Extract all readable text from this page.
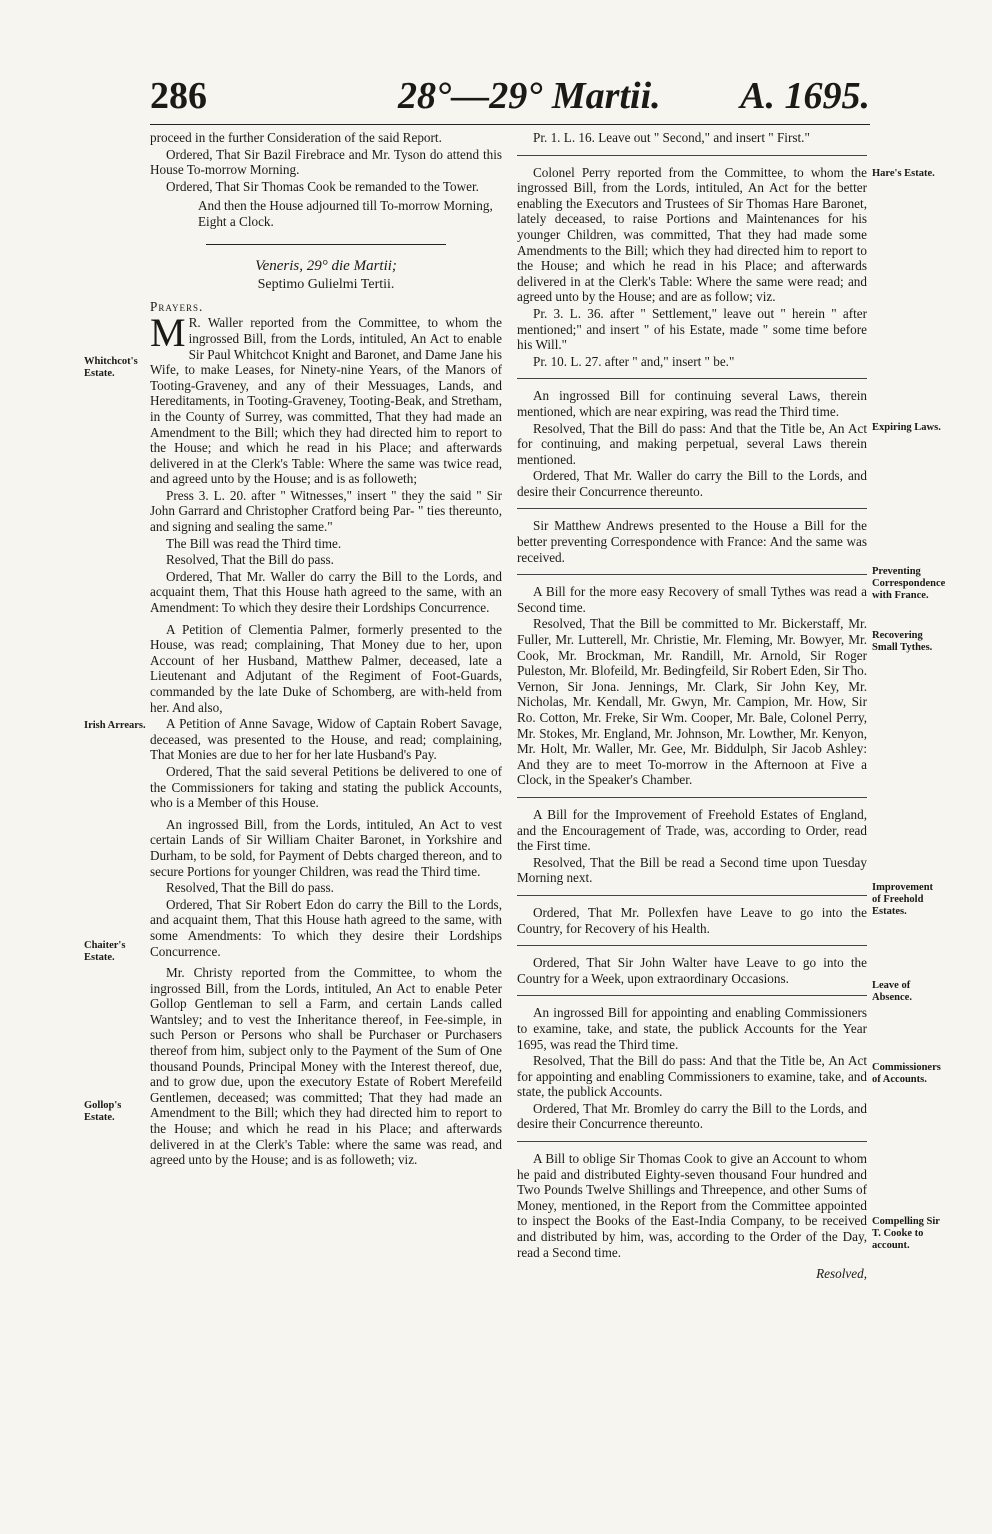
286	28°—29° Martii. A. 1695.

proceed in the further Consideration of the said Report.

Ordered, That Sir Bazil Firebrace and Mr. Tyson do attend this House To-morrow Morning.

Ordered, That Sir Thomas Cook be remanded to the Tower.

And then the House adjourned till To-morrow Morning, Eight a Clock.

Veneris, 29° die Martii;

Septimo Gulielmi Tertii.

Prayers.

M R. Waller reported from the Committee, to whom the ingrossed Bill, from the Lords, intituled, An Act to enable Sir Paul Whitchcot Knight and Baronet, and Dame Jane his Wife, to make Leases, for Ninety-nine Years, of the Manors of Tooting-Graveney, and any of their Messuages, Lands, and Hereditaments, in Tooting-Graveney, Tooting-Beak, and Stretham, in the County of Surrey, was committed, That they had made an Amendment to the Bill; which they had directed him to report to the House; and which he read in his Place; and afterwards delivered in at the Clerk's Table: Where the same was twice read, and agreed unto by the House; and is as followeth;

Press 3. L. 20. after " Witnesses," insert " they the said " Sir John Garrard and Christopher Cratford being Par- " ties thereunto, and signing and sealing the same."

The Bill was read the Third time.

Resolved, That the Bill do pass.

Ordered, That Mr. Waller do carry the Bill to the Lords, and acquaint them, That this House hath agreed to the same, with an Amendment: To which they desire their Lordships Concurrence.

A Petition of Clementia Palmer, formerly presented to the House, was read; complaining, That Money due to her, upon Account of her Husband, Matthew Palmer, deceased, late a Lieutenant and Adjutant of the Regiment of Foot-Guards, commanded by the late Duke of Schomberg, are with-held from her. And also,

A Petition of Anne Savage, Widow of Captain Robert Savage, deceased, was presented to the House, and read; complaining, That Monies are due to her for her late Husband's Pay.

Ordered, That the said several Petitions be delivered to one of the Commissioners for taking and stating the publick Accounts, who is a Member of this House.

An ingrossed Bill, from the Lords, intituled, An Act to vest certain Lands of Sir William Chaiter Baronet, in Yorkshire and Durham, to be sold, for Payment of Debts charged thereon, and to secure Portions for younger Children, was read the Third time.

Resolved, That the Bill do pass.

Ordered, That Sir Robert Edon do carry the Bill to the Lords, and acquaint them, That this House hath agreed to the same, with some Amendments: To which they desire their Lordships Concurrence.

Mr. Christy reported from the Committee, to whom the ingrossed Bill, from the Lords, intituled, An Act to enable Peter Gollop Gentleman to sell a Farm, and certain Lands called Wantsley; and to vest the Inheritance thereof, in Fee-simple, in such Person or Persons who shall be Purchaser or Purchasers thereof from him, subject only to the Payment of the Sum of One thousand Pounds, Principal Money with the Interest thereof, due, and to grow due, upon the executory Estate of Robert Merefeild Gentlemen, deceased; was committed; That they had made an Amendment to the Bill; which they had directed him to report to the House; and which he read in his Place; and afterwards delivered in at the Clerk's Table: where the same was read, and agreed unto by the House; and is as followeth; viz.

Pr. 1. L. 16. Leave out " Second," and insert " First."

Colonel Perry reported from the Committee, to whom the ingrossed Bill, from the Lords, intituled, An Act for the better enabling the Executors and Trustees of Sir Thomas Hare Baronet, lately deceased, to raise Portions and Maintenances for his younger Children, was committed, That they had made some Amendments to the Bill; which they had directed him to report to the House; and which he read in his Place; and afterwards delivered in at the Clerk's Table: Where the same were read; and agreed unto by the House; and are as follow; viz.

Pr. 3. L. 36. after " Settlement," leave out " herein " after mentioned;" and insert " of his Estate, made " some time before his Will."

Pr. 10. L. 27. after " and," insert " be."

An ingrossed Bill for continuing several Laws, therein mentioned, which are near expiring, was read the Third time.

Resolved, That the Bill do pass: And that the Title be, An Act for continuing, and making perpetual, several Laws therein mentioned.

Ordered, That Mr. Waller do carry the Bill to the Lords, and desire their Concurrence thereunto.

Sir Matthew Andrews presented to the House a Bill for the better preventing Correspondence with France: And the same was received.

A Bill for the more easy Recovery of small Tythes was read a Second time.

Resolved, That the Bill be committed to Mr. Bickerstaff, Mr. Fuller, Mr. Lutterell, Mr. Christie, Mr. Fleming, Mr. Bowyer, Mr. Cook, Mr. Brockman, Mr. Randill, Mr. Arnold, Sir Roger Puleston, Mr. Blofeild, Mr. Bedingfeild, Sir Robert Eden, Sir Tho. Vernon, Sir Jona. Jennings, Mr. Clark, Sir John Key, Mr. Nicholas, Mr. Kendall, Mr. Gwyn, Mr. Campion, Mr. How, Sir Ro. Cotton, Mr. Freke, Sir Wm. Cooper, Mr. Bale, Colonel Perry, Mr. Stokes, Mr. England, Mr. Johnson, Mr. Lowther, Mr. Kenyon, Mr. Holt, Mr. Waller, Mr. Gee, Mr. Biddulph, Sir Jacob Ashley: And they are to meet To-morrow in the Afternoon at Five a Clock, in the Speaker's Chamber.

A Bill for the Improvement of Freehold Estates of England, and the Encouragement of Trade, was, according to Order, read the First time.

Resolved, That the Bill be read a Second time upon Tuesday Morning next.

Ordered, That Mr. Pollexfen have Leave to go into the Country, for Recovery of his Health.

Ordered, That Sir John Walter have Leave to go into the Country for a Week, upon extraordinary Occasions.

An ingrossed Bill for appointing and enabling Commissioners to examine, take, and state, the publick Accounts for the Year 1695, was read the Third time.

Resolved, That the Bill do pass: And that the Title be, An Act for appointing and enabling Commissioners to examine, take, and state, the publick Accounts.

Ordered, That Mr. Bromley do carry the Bill to the Lords, and desire their Concurrence thereunto.

A Bill to oblige Sir Thomas Cook to give an Account to whom he paid and distributed Eighty-seven thousand Four hundred and Two Pounds Twelve Shillings and Threepence, and other Sums of Money, mentioned, in the Report from the Committee appointed to inspect the Books of the East-India Company, to be received and distributed by him, was, according to the Order of the Day, read a Second time.

Resolved,

Whitchcot's Estate.
Irish Arrears.
Chaiter's Estate.
Gollop's Estate.
Hare's Estate.
Expiring Laws.
Preventing Correspondence with France.
Recovering Small Tythes.
Improvement of Freehold Estates.
Leave of Absence.
Commissioners of Accounts.
Compelling Sir T. Cooke to account.
